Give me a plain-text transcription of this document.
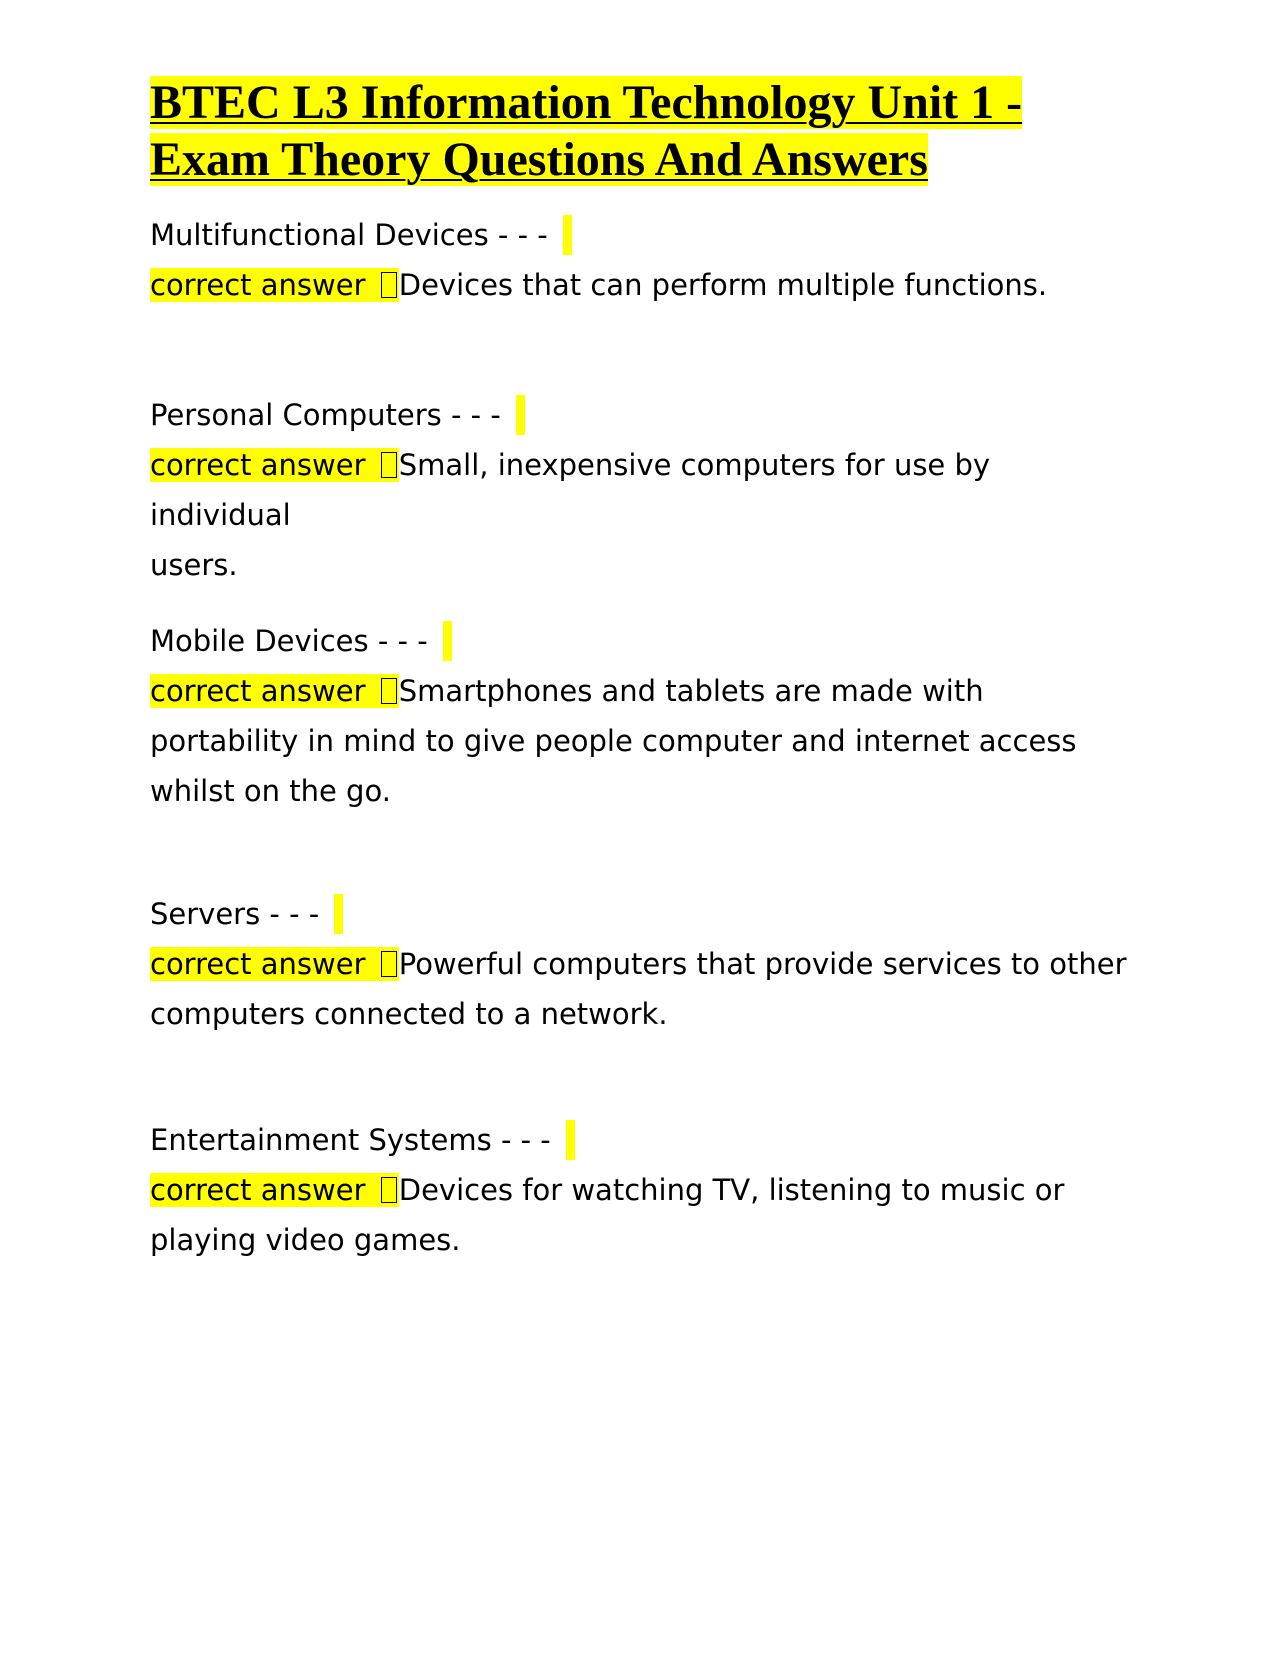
BTEC L3 Information Technology Unit 1 -
Exam Theory Questions And Answers

Multifunctional Devices - - -

correct answer Devices that can perform multiple functions.

Personal Computers - - -

correct answer Small, inexpensive computers for use by individual

users.

Mobile Devices - - -

correct answer Smartphones and tablets are made with

portability in mind to give people computer and internet access

whilst on the go.

Servers - - -

correct answer Powerful computers that provide services to other

computers connected to a network.

Entertainment Systems - - -

correct answer Devices for watching TV, listening to music or

playing video games.
